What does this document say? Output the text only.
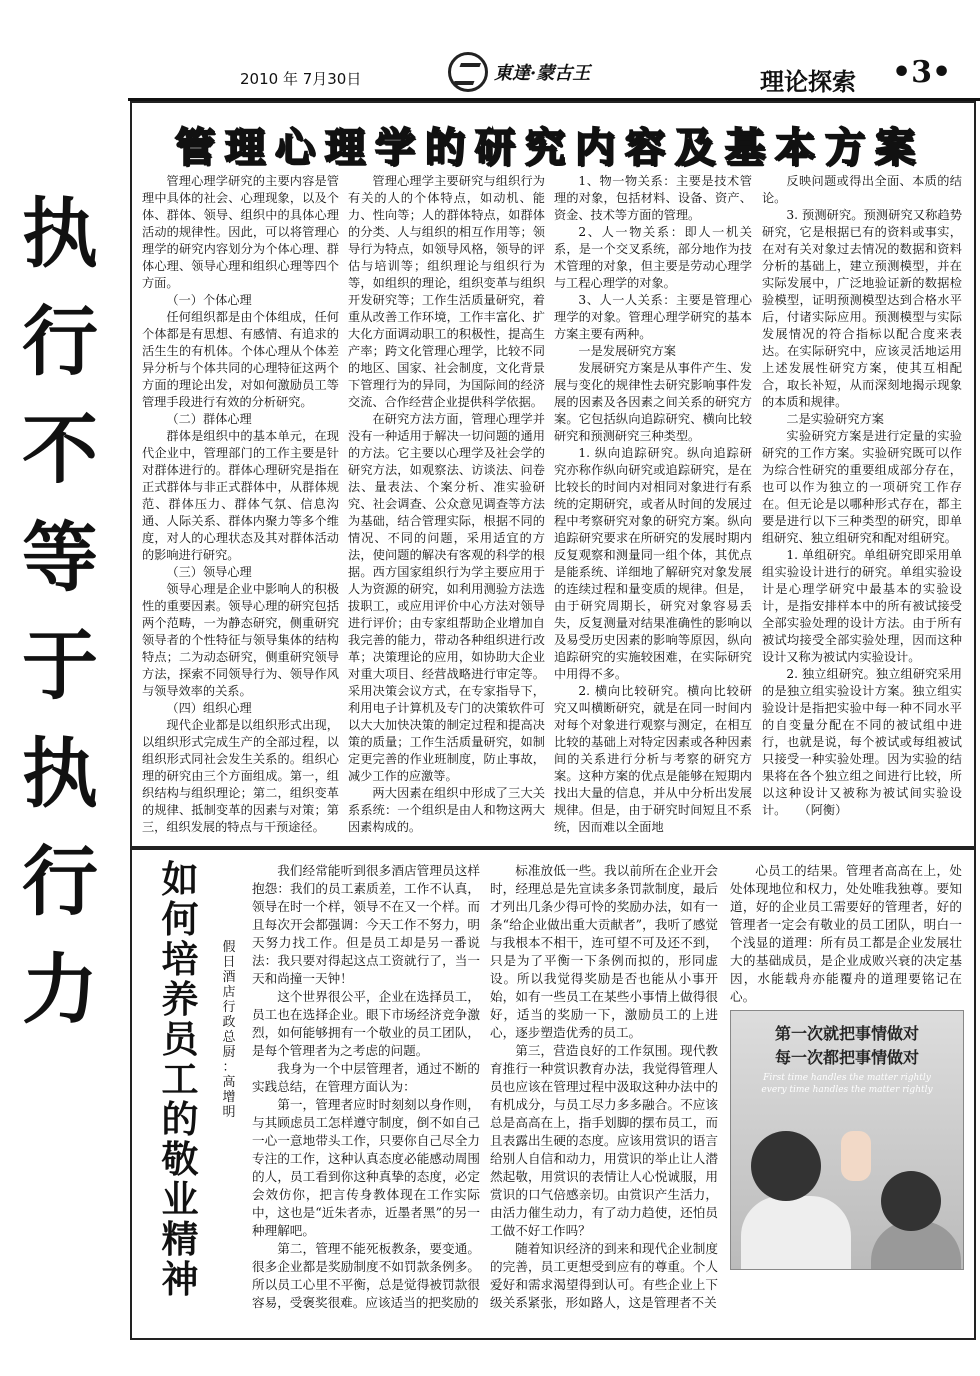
2010 年 7月30日	東達·蒙古王	理论探索 •3•
执
行
不
等
于
执
行
力

管理心理学研究的主要内容是管理中具体的社会、心理现象，以及个体、群体、领导、组织中的具体心理活动的规律性。因此，可以将管理心理学的研究内容划分为个体心理、群体心理、领导心理和组织心理等四个方面。

（一）个体心理

任何组织都是由个体组成，任何个体都是有思想、有感情、有追求的活生生的有机体。个体心理从个体差异分析与个体共同的心理特征这两个方面的理论出发，对如何激励员工等管理手段进行有效的分析研究。

（二）群体心理

群体是组织中的基本单元，在现代企业中，管理部门的工作主要是针对群体进行的。群体心理研究是指在正式群体与非正式群体中，从群体规范、群体压力、群体气氛、信息沟通、人际关系、群体内聚力等多个维度，对人的心理状态及其对群体活动的影响进行研究。

（三）领导心理

领导心理是企业中影响人的积极性的重要因素。领导心理的研究包括两个范畴，一为静态研究，侧重研究领导者的个性特征与领导集体的结构特点；二为动态研究，侧重研究领导方法，探索不同领导行为、领导作风与领导效率的关系。

（四）组织心理

现代企业都是以组织形式出现，以组织形式完成生产的全部过程，以组织形式同社会发生关系的。组织心理的研究由三个方面组成。第一，组织结构与组织理论；第二，组织变革的规律、抵制变革的因素与对策；第三，组织发展的特点与干预途径。

管理心理学主要研究与组织行为有关的人的个体特点，如动机、能力、性向等；人的群体特点，如群体的分类、人与组织的相互作用等；领导行为特点，如领导风格，领导的评估与培训等；组织理论与组织行为等，如组织的理论，组织变革与组织开发研究等；工作生活质量研究，着重从改善工作环境，工作丰富化、扩大化方面调动职工的积极性，提高生产率；跨文化管理心理学，比较不同的地区、国家、社会制度，文化背景下管理行为的异同，为国际间的经济交流、合作经营企业提供科学依据。

在研究方法方面，管理心理学并没有一种适用于解决一切问题的通用的方法。它主要以心理学及社会学的研究方法，如观察法、访谈法、问卷法、量表法、个案分析、准实验研究、社会调查、公众意见调查等方法为基础，结合管理实际，根据不同的情况、不同的问题，采用适宜的方法，使问题的解决有客观的科学的根据。西方国家组织行为学主要应用于人为资源的研究，如利用测验方法选拔职工，或应用评价中心方法对领导进行评价；由专家组帮助企业增加自我完善的能力，带动各种组织进行改革；决策理论的应用，如协助大企业对重大项目、经营战略进行审定等。采用决策会议方式，在专家指导下，利用电子计算机及专门的决策软件可以大大加快决策的制定过程和提高决策的质量；工作生活质量研究，如制定更完善的作业班制度，防止事故，减少工作的应激等。

两大因素在组织中形成了三大关系系统：一个组织是由人和物这两大因素构成的。

1、物一物关系：主要是技术管理的对象，包括材料、设备、资产、资金、技术等方面的管理。

2、人一物关系：即人一机关系，是一个交叉系统，部分地作为技术管理的对象，但主要是劳动心理学与工程心理学的对象。

3、人一人关系：主要是管理心理学的对象。管理心理学研究的基本方案主要有两种。

一是发展研究方案

发展研究方案是从事件产生、发展与变化的规律性去研究影响事件发展的因素及各因素之间关系的研究方案。它包括纵向追踪研究、横向比较研究和预测研究三种类型。

1. 纵向追踪研究。纵向追踪研究亦称作纵向研究或追踪研究，是在比较长的时间内对相同对象进行有系统的定期研究，或者从时间的发展过程中考察研究对象的研究方案。纵向追踪研究要求在所研究的发展时期内反复观察和测量同一组个体，其优点是能系统、详细地了解研究对象发展的连续过程和量变质的规律。但是，由于研究周期长，研究对象容易丢失，反复测量对结果准确性的影响以及易受历史因素的影响等原因，纵向追踪研究的实施较困难，在实际研究中用得不多。

2. 横向比较研究。横向比较研究又叫横断研究，就是在同一时间内对每个对象进行观察与测定，在相互比较的基础上对特定因素或各种因素间的关系进行分析与考察的研究方案。这种方案的优点是能够在短期内找出大量的信息，并从中分析出发展规律。但是，由于研究时间短且不系统，因而难以全面地

反映问题或得出全面、本质的结论。

3. 预测研究。预测研究又称趋势研究，它是根据已有的资料或事实，在对有关对象过去情况的数据和资料分析的基础上，建立预测模型，并在实际发展中，广泛地验证新的数据检验模型，证明预测模型达到合格水平后，付诸实际应用。预测模型与实际发展情况的符合指标以配合度来表达。在实际研究中，应该灵活地运用上述发展性研究方案，使其互相配合，取长补短，从而深刻地揭示现象的本质和规律。

二是实验研究方案

实验研究方案是进行定量的实验研究的工作方案。实验研究既可以作为综合性研究的重要组成部分存在，也可以作为独立的一项研究工作存在。但无论是以哪种形式存在，都主要是进行以下三种类型的研究，即单组研究、独立组研究和配对组研究。

1. 单组研究。单组研究即采用单组实验设计进行的研究。单组实验设计是心理学研究中最基本的实验设计，是指安排样本中的所有被试接受全部实验处理的设计方法。由于所有被试均接受全部实验处理，因而这种设计又称为被试内实验设计。

2. 独立组研究。独立组研究采用的是独立组实验设计方案。独立组实验设计是指把实验中每一种不同水平的自变量分配在不同的被试组中进行，也就是说，每个被试或每组被试只接受一种实验处理。因为实验的结果将在各个独立组之间进行比较，所以这种设计又被称为被试间实验设计。　　（阿衡）

管理心理学的研究内容及基本方案

我们经常能听到很多酒店管理员这样抱怨：我们的员工素质差，工作不认真，领导在时一个样，领导不在又一个样。而且每次开会都强调：今天工作不努力，明天努力找工作。但是员工却是另一番说法：我只要对得起这点工资就行了，当一天和尚撞一天钟！

这个世界很公平，企业在选择员工，员工也在选择企业。眼下市场经济竞争激烈，如何能够拥有一个敬业的员工团队，是每个管理者为之考虑的问题。

我身为一个中层管理者，通过不断的实践总结，在管理方面认为：

第一，管理者应时时刻刻以身作则，与其顾虑员工怎样遵守制度，倒不如自己一心一意地带头工作，只要你自己尽全力专注的工作，这种认真态度必能感动周围的人，员工看到你这种真挚的态度，必定会效仿你，把言传身教体现在工作实际中，这也是“近朱者赤，近墨者黑”的另一种理解吧。

第二，管理不能死板教条，要变通。很多企业都是奖励制度不如罚款条例多。所以员工心里不平衡，总是觉得被罚款很容易，受褒奖很难。应该适当的把奖励的

标准放低一些。我以前所在企业开会时，经理总是先宣读多条罚款制度，最后才列出几条少得可怜的奖励办法，如有一条“给企业做出重大贡献者”，我听了感觉与我根本不相干，连可望不可及还不到，只是为了平衡一下条例而拟的，形同虚设。所以我觉得奖励是否也能从小事开始，如有一些员工在某些小事情上做得很好，适当的奖励一下，激励员工的上进心，逐步塑造优秀的员工。

第三，营造良好的工作氛围。现代教育推行一种赏识教育办法，我觉得管理人员也应该在管理过程中汲取这种办法中的有机成分，与员工尽力多多融合。不应该总是高高在上，指手划脚的摆布员工，而且表露出生硬的态度。应该用赏识的语言给别人自信和动力，用赏识的举止让人潜然起敬，用赏识的表情让人心悦诚服，用赏识的口气倍感亲切。由赏识产生活力，由活力催生动力，有了动力趋使，还怕员工做不好工作吗？

随着知识经济的到来和现代企业制度的完善，员工更想受到应有的尊重。个人爱好和需求渴望得到认可。有些企业上下级关系紧张，形如路人，这是管理者不关

心员工的结果。管理者高高在上，处处体现地位和权力，处处唯我独尊。要知道，好的企业员工需要好的管理者，好的管理者一定会有敬业的员工团队，明白一个浅显的道理：所有员工都是企业发展壮大的基础成员，是企业成败兴衰的决定基因，水能载舟亦能覆舟的道理要铭记在心。

如
何
培
养
员
工
的
敬
业
精
神
假
日
酒
店
行
政
总
厨
：
高
增
明
第一次就把事情做对
每一次都把事情做对
First time handles the matter rightly
every time handles the matter rightly
